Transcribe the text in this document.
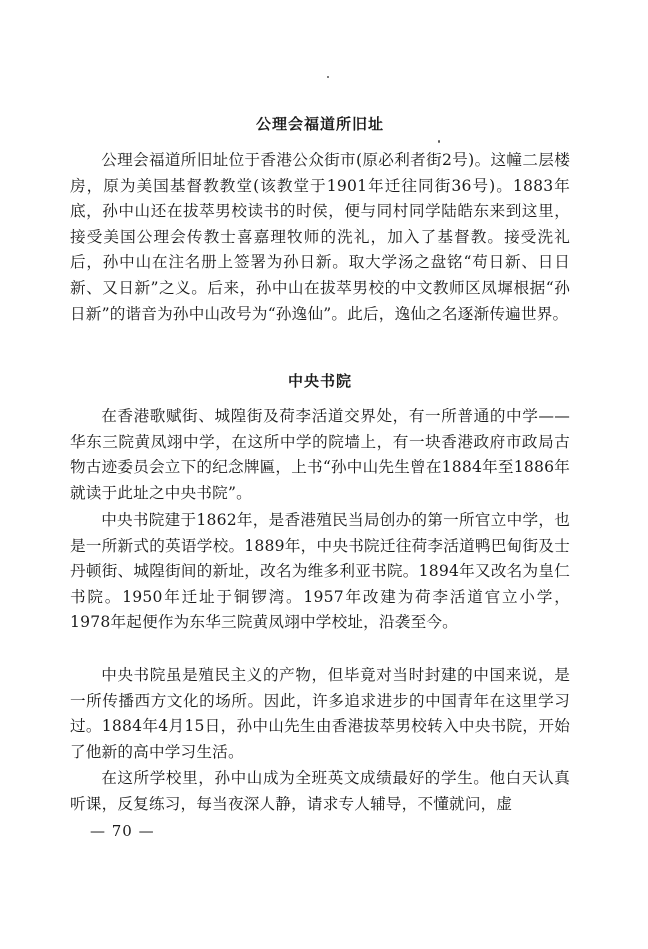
公理会福道所旧址

公理会福道所旧址位于香港公众街市(原必利者街2号)。这幢二层楼房，原为美国基督教教堂(该教堂于1901年迁往同街36号)。1883年底，孙中山还在拔萃男校读书的时侯，便与同村同学陆皓东来到这里，接受美国公理会传教士喜嘉理牧师的洗礼，加入了基督教。接受洗礼后，孙中山在注名册上签署为孙日新。取大学汤之盘铭“苟日新、日日新、又日新”之义。后来，孙中山在拔萃男校的中文教师区凤墀根据“孙日新”的谐音为孙中山改号为“孙逸仙”。此后，逸仙之名逐渐传遍世界。

中央书院

在香港歌赋街、城隍街及荷李活道交界处，有一所普通的中学——华东三院黄凤翊中学，在这所中学的院墙上，有一块香港政府市政局古物古迹委员会立下的纪念牌匾，上书“孙中山先生曾在1884年至1886年就读于此址之中央书院”。

中央书院建于1862年，是香港殖民当局创办的第一所官立中学，也是一所新式的英语学校。1889年，中央书院迁往荷李活道鸭巴甸街及士丹顿街、城隍街间的新址，改名为维多利亚书院。1894年又改名为皇仁书院。1950年迁址于铜锣湾。1957年改建为荷李活道官立小学，1978年起便作为东华三院黄凤翊中学校址，沿袭至今。

中央书院虽是殖民主义的产物，但毕竟对当时封建的中国来说，是一所传播西方文化的场所。因此，许多追求进步的中国青年在这里学习过。1884年4月15日，孙中山先生由香港拔萃男校转入中央书院，开始了他新的高中学习生活。

在这所学校里，孙中山成为全班英文成绩最好的学生。他白天认真听课，反复练习，每当夜深人静，请求专人辅导，不懂就问，虚

— 70 —
